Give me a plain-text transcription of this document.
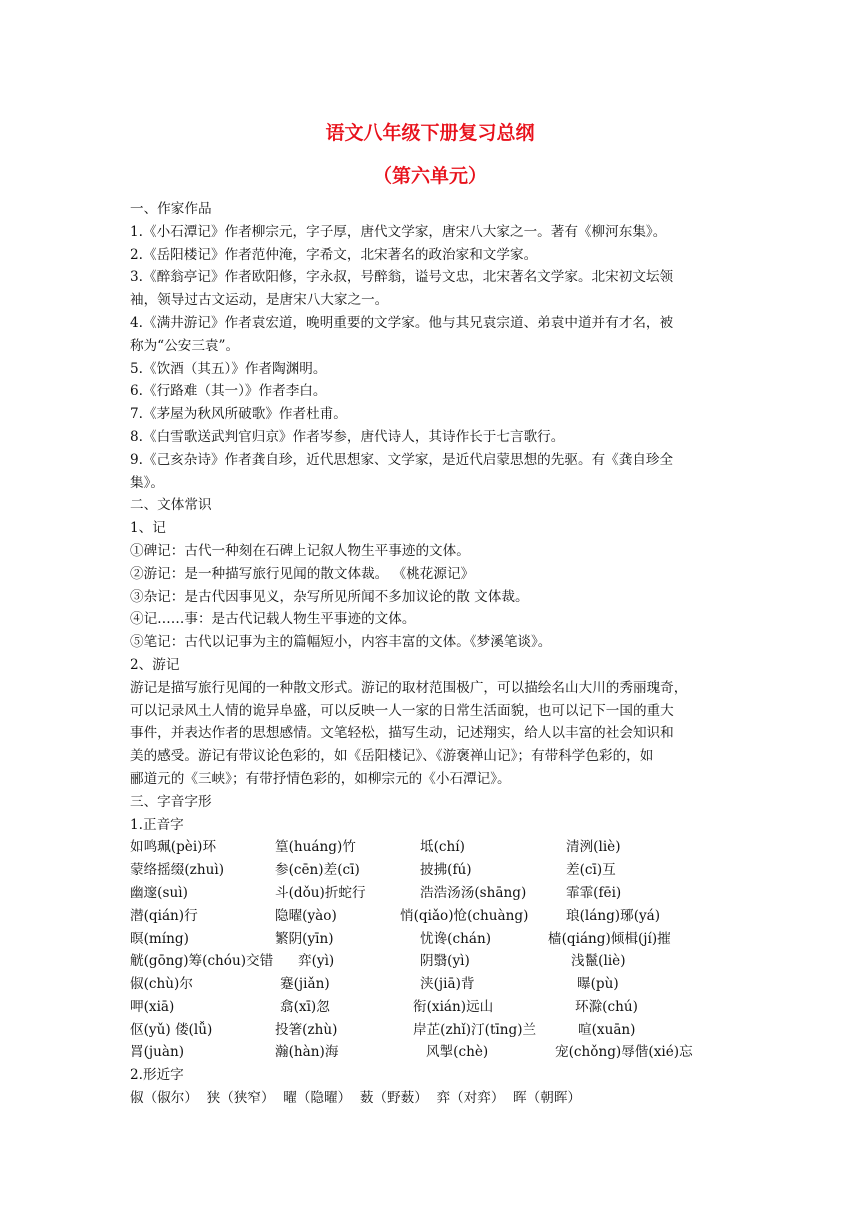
语文八年级下册复习总纲
（第六单元）
一、作家作品
1.《小石潭记》作者柳宗元，字子厚，唐代文学家，唐宋八大家之一。著有《柳河东集》。
2.《岳阳楼记》作者范仲淹，字希文，北宋著名的政治家和文学家。
3.《醉翁亭记》作者欧阳修，字永叔，号醉翁，谥号文忠，北宋著名文学家。北宋初文坛领
袖，领导过古文运动，是唐宋八大家之一。
4.《满井游记》作者袁宏道，晚明重要的文学家。他与其兄袁宗道、弟袁中道并有才名，被
称为“公安三袁”。
5.《饮酒（其五）》作者陶渊明。
6.《行路难（其一）》作者李白。
7.《茅屋为秋风所破歌》作者杜甫。
8.《白雪歌送武判官归京》作者岑参，唐代诗人，其诗作长于七言歌行。
9.《己亥杂诗》作者龚自珍，近代思想家、文学家，是近代启蒙思想的先驱。有《龚自珍全
集》。
二、文体常识
1、记
①碑记：古代一种刻在石碑上记叙人物生平事迹的文体。
②游记：是一种描写旅行见闻的散文体裁。 《桃花源记》
③杂记：是古代因事见义，杂写所见所闻不多加议论的散 文体裁。
④记……事：是古代记载人物生平事迹的文体。
⑤笔记：古代以记事为主的篇幅短小，内容丰富的文体。《梦溪笔谈》。
2、游记
游记是描写旅行见闻的一种散文形式。游记的取材范围极广，可以描绘名山大川的秀丽瑰奇，
可以记录风土人情的诡异阜盛，可以反映一人一家的日常生活面貌，也可以记下一国的重大
事件，并表达作者的思想感情。文笔轻松，描写生动，记述翔实，给人以丰富的社会知识和
美的感受。游记有带议论色彩的，如《岳阳楼记》、《游褒禅山记》；有带科学色彩的，如
郦道元的《三峡》；有带抒情色彩的，如柳宗元的《小石潭记》。
三、字音字形
1.正音字
如鸣珮(pèi)环	篁(huáng)竹	坻(chí)	清洌(liè)
蒙络摇缀(zhuì)	参(cēn)差(cī)	披拂(fú)	差(cī)互
幽邃(suì)	斗(dǒu)折蛇行	浩浩汤汤(shāng)	霏霏(fēi)
潜(qián)行	隐曜(yào)	悄(qiǎo)怆(chuàng)	琅(láng)琊(yá)
暝(míng)	繁阴(yīn)	忧谗(chán)	樯(qiáng)倾楫(jí)摧
觥(gōng)筹(chóu)交错 弈(yì)	阴翳(yì)	浅鬣(liè)
俶(chù)尔	蹇(jiǎn)	浃(jiā)背	曝(pù)
呷(xiā)	翕(xī)忽	衔(xián)远山	环滁(chú)
伛(yǔ) 偻(lǚ)	投箸(zhù)	岸芷(zhǐ)汀(tīng)兰	喧(xuān)
罥(juàn)	瀚(hàn)海	风掣(chè)	宠(chǒng)辱偕(xié)忘
2.形近字
俶（俶尔）  狭（狭窄）  曜（隐曜）  薮（野薮）  弈（对弈）  晖（朝晖）
